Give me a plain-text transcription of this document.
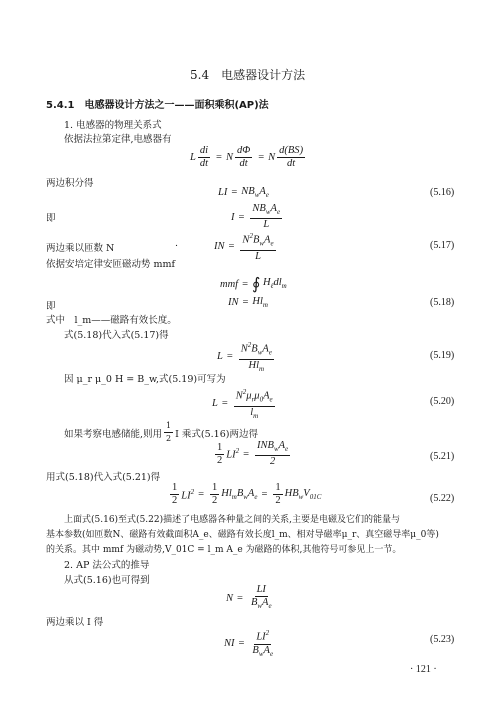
5.4　电感器设计方法
5.4.1　电感器设计方法之一——面积乘积(AP)法
1. 电感器的物理关系式
依据法拉第定律,电感器有
L $\frac{di}{dt} = N \frac{d\Phi}{dt} = N \frac{d(BS)}{dt}$
两边积分得
LI = $NB_wA_e$	(5.16)
即	$I = \frac{NB_wA_e}{L}$
两边乘以匝数 N	.	IN = $\frac{N^2B_wA_e}{L}$	(5.17)
依据安培定律安匝磁动势 mmf
mmf = ∮ $H_\ell dl_m$
即	IN = $Hl_m$	(5.18)
式中　l_m——磁路有效长度。
式(5.18)代入式(5.17)得
$L = \frac{N^2B_wA_e}{Hl_m}$	(5.19)
因 μ_r μ_0 H = B_w,式(5.19)可写为
$L = \frac{N^2\mu_r\mu_0A_e}{l_m}$	(5.20)
如果考察电感储能,则用 $\frac{1}{2}$ I 乘式(5.16)两边得
$\frac{1}{2} LI^2 = \frac{INB_wA_e}{2}$	(5.21)
用式(5.18)代入式(5.21)得
$\frac{1}{2} LI^2 = \frac{1}{2} Hl_mB_wA_e = \frac{1}{2} HB_wV_{01C}$	(5.22)
上面式(5.16)至式(5.22)描述了电感器各种量之间的关系,主要是电磁及它们的能量与
基本参数(如匝数N、磁路有效截面积A_e、磁路有效长度l_m、相对导磁率μ_r、真空磁导率μ_0等)
的关系。其中 mmf 为磁动势,V_01C = l_m A_e 为磁路的体积,其他符号可参见上一节。
2. AP 法公式的推导
从式(5.16)也可得到
$N = \frac{LI}{B_wA_e}$
两边乘以 I 得
NI = $\frac{LI^2}{B_wA_e}$	(5.23)
· 121 ·
